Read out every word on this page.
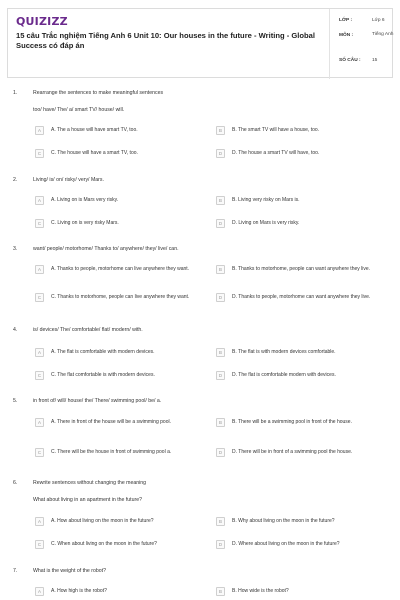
QUIZIZZ
15 câu Trắc nghiệm Tiếng Anh 6 Unit 10: Our houses in the future - Writing - Global Success có đáp án
LỚP :	Lớp 6
MÔN :	Tiếng Anh
SỐ CÂU : 15
1.	Rearrange the sentences to make meaningful sentences
too/ have/ The/ a/ smart TV/ house/ will.
A	A. The a house will have smart TV, too.	B	B. The smart TV will have a house, too.
C	C. The house will have a smart TV, too.	D	D. The house a smart TV will have, too.
2.	Living/ is/ on/ risky/ very/ Mars.
A	A. Living on is Mars very risky.	B	B. Living very risky on Mars is.
C	C. Living on is very risky Mars.	D	D. Living on Mars is very risky.
3.	want/ people/ motorhome/ Thanks to/ anywhere/ they/ live/ can.
A	A. Thanks to people, motorhome can live anywhere they want.	B	B. Thanks to motorhome, people can want anywhere they live.
C	C. Thanks to motorhome, people can live anywhere they want.	D	D. Thanks to people, motorhome can want anywhere they live.
4.	is/ devices/ The/ comfortable/ flat/ modern/ with.
A	A. The flat is comfortable with modern devices.	B	B. The flat is with modern devices comfortable.
C	C. The flat comfortable is with modern devices.	D	D. The flat is comfortable modern with devices.
5.	in front of/ will/ house/ the/ There/ swimming pool/ be/ a.
A	A. There in front of the house will be a swimming pool.	B	B. There will be a swimming pool in front of the house.
C	C. There will be the house in front of swimming pool a.	D	D. There will be in front of a swimming pool the house.
6.	Rewrite sentences without changing the meaning
What about living in an apartment in the future?
A	A. How about living on the moon in the future?	B	B. Why about living on the moon in the future?
C	C. When about living on the moon in the future?	D	D. Where about living on the moon in the future?
7.	What is the weight of the robot?
A	A. How high is the robot?	B	B. How wide is the robot?
